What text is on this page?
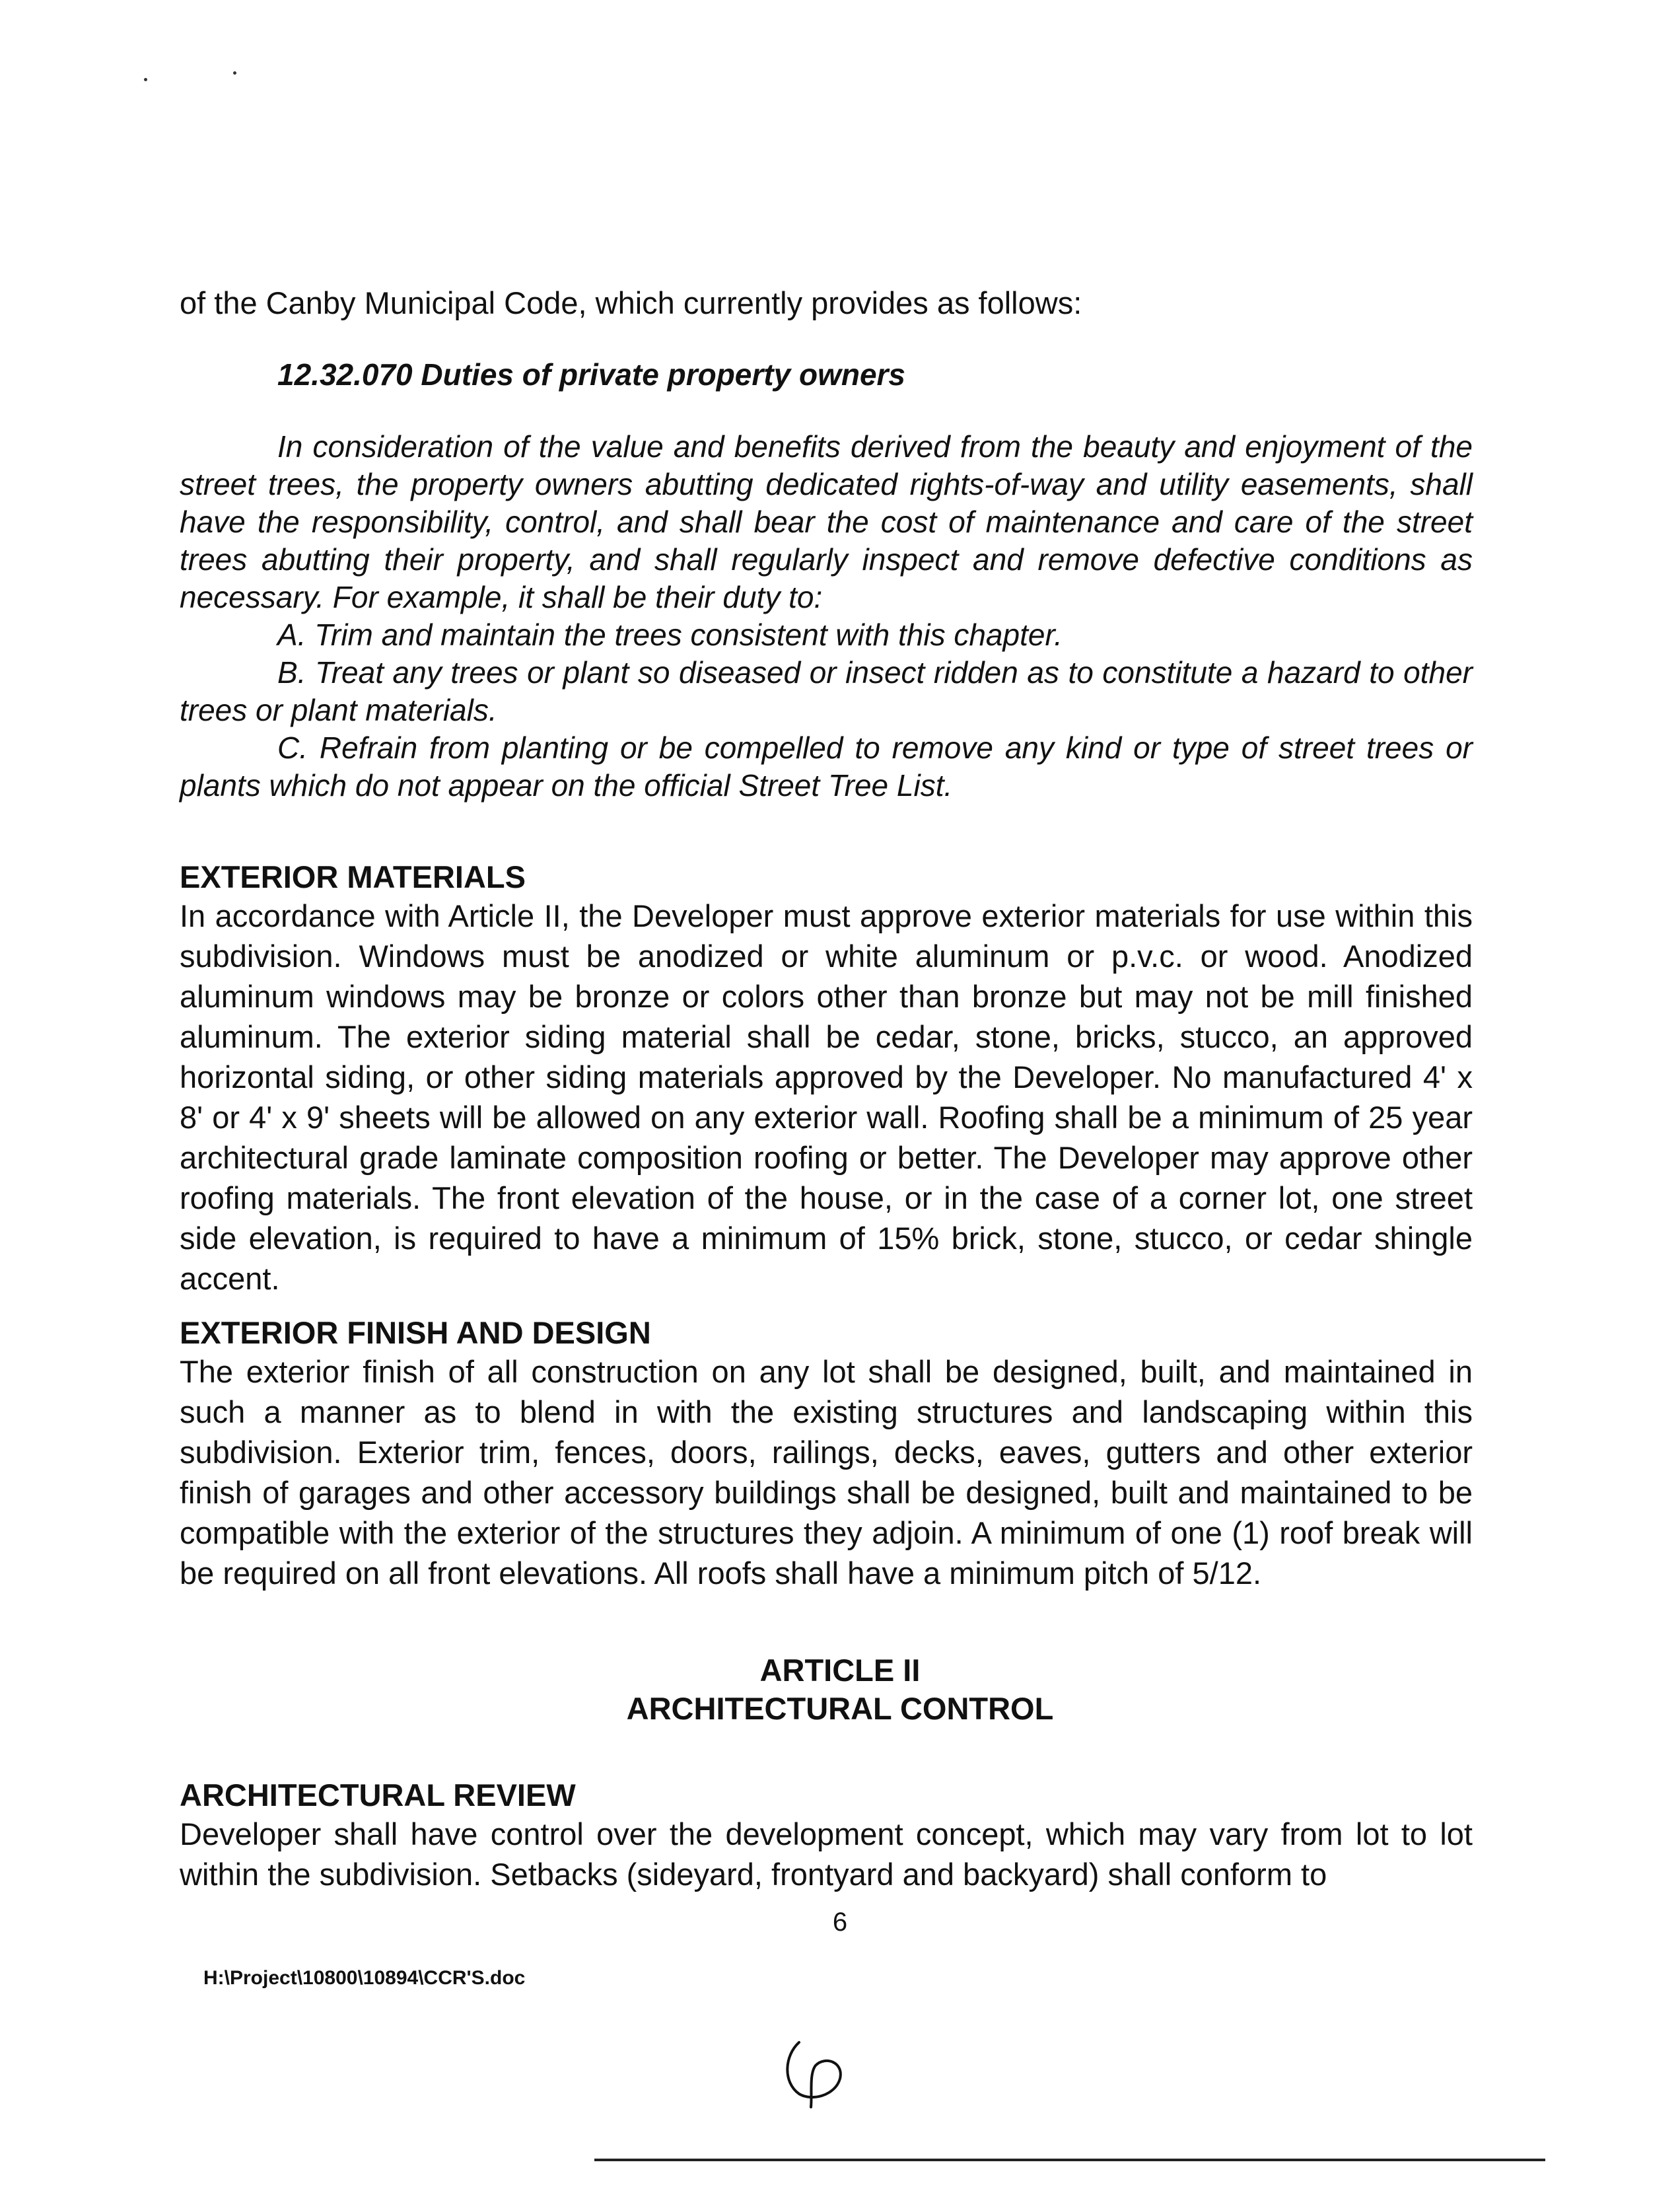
of the Canby Municipal Code, which currently provides as follows:
12.32.070 Duties of private property owners

In consideration of the value and benefits derived from the beauty and enjoyment of the street trees, the property owners abutting dedicated rights-of-way and utility easements, shall have the responsibility, control, and shall bear the cost of maintenance and care of the street trees abutting their property, and shall regularly inspect and remove defective conditions as necessary. For example, it shall be their duty to:

A. Trim and maintain the trees consistent with this chapter.

B. Treat any trees or plant so diseased or insect ridden as to constitute a hazard to other trees or plant materials.

C. Refrain from planting or be compelled to remove any kind or type of street trees or plants which do not appear on the official Street Tree List.

EXTERIOR MATERIALS

In accordance with Article II, the Developer must approve exterior materials for use within this subdivision. Windows must be anodized or white aluminum or p.v.c. or wood. Anodized aluminum windows may be bronze or colors other than bronze but may not be mill finished aluminum. The exterior siding material shall be cedar, stone, bricks, stucco, an approved horizontal siding, or other siding materials approved by the Developer. No manufactured 4' x 8' or 4' x 9' sheets will be allowed on any exterior wall. Roofing shall be a minimum of 25 year architectural grade laminate composition roofing or better. The Developer may approve other roofing materials. The front elevation of the house, or in the case of a corner lot, one street side elevation, is required to have a minimum of 15% brick, stone, stucco, or cedar shingle accent.

EXTERIOR FINISH AND DESIGN

The exterior finish of all construction on any lot shall be designed, built, and maintained in such a manner as to blend in with the existing structures and landscaping within this subdivision. Exterior trim, fences, doors, railings, decks, eaves, gutters and other exterior finish of garages and other accessory buildings shall be designed, built and maintained to be compatible with the exterior of the structures they adjoin. A minimum of one (1) roof break will be required on all front elevations. All roofs shall have a minimum pitch of 5/12.

ARTICLE II
ARCHITECTURAL CONTROL

ARCHITECTURAL REVIEW

Developer shall have control over the development concept, which may vary from lot to lot within the subdivision. Setbacks (sideyard, frontyard and backyard) shall conform to

6
H:\Project\10800\10894\CCR'S.doc
